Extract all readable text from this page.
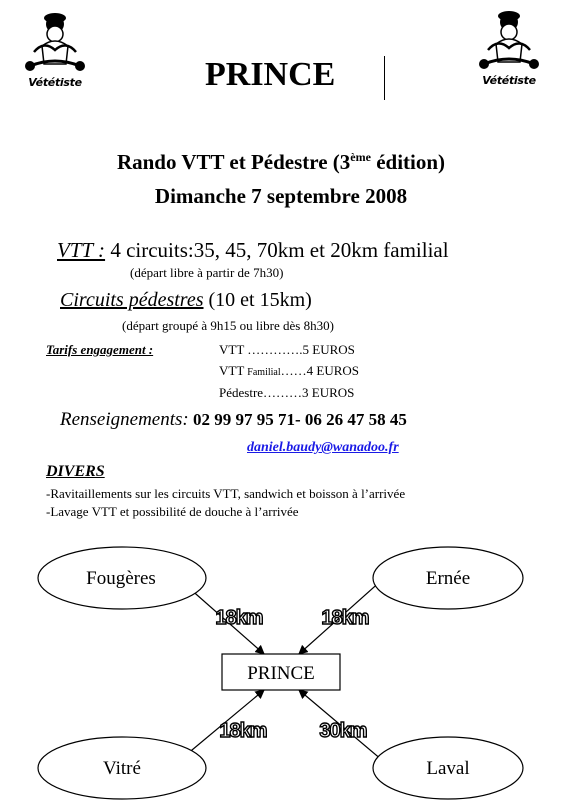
Vététiste	Vététiste
PRINCE
Rando VTT et Pédestre (3ème édition)
Dimanche 7 septembre 2008
VTT : 4 circuits:35, 45, 70km et 20km familial
(départ libre à partir de 7h30)
Circuits pédestres (10 et 15km)
(départ groupé à 9h15 ou libre dès 8h30)
Tarifs engagement :	VTT ………….5 EUROS
VTT Familial……4 EUROS
Pédestre………3 EUROS
Renseignements: 02 99 97 95 71- 06 26 47 58 45
daniel.baudy@wanadoo.fr
DIVERS
-Ravitaillements sur les circuits VTT, sandwich et boisson à l’arrivée
-Lavage VTT et possibilité de douche à l’arrivée
Fougères	Ernée
Vitré	Laval
PRINCE
18km	18km
18km	30km
